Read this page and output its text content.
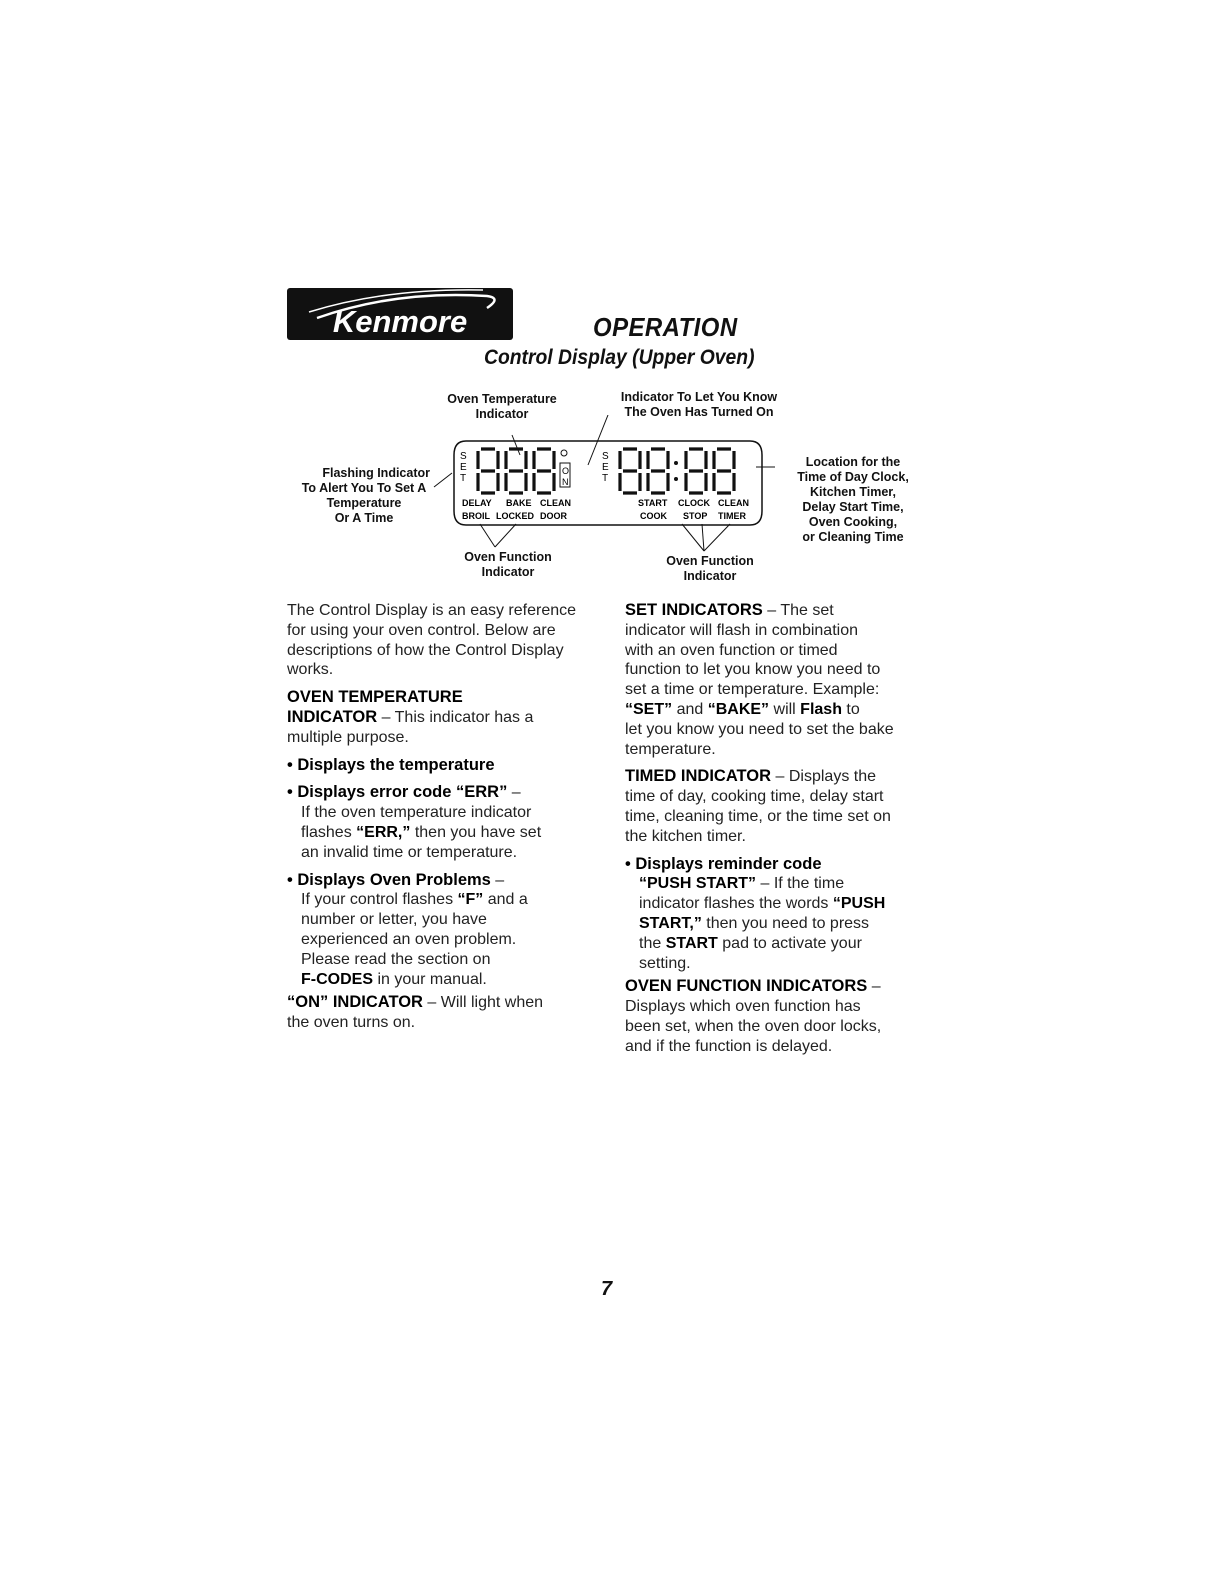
Kenmore	OPERATION
Control Display (Upper Oven)
Oven Temperature
Indicator
Indicator To Let You Know
The Oven Has Turned On
Flashing Indicator
To Alert You To Set A
Temperature
Or A Time
Location for the
Time of Day Clock,
Kitchen Timer,
Delay Start Time,
Oven Cooking,
or Cleaning Time
Oven Function
Indicator
Oven Function
Indicator
S
E
T
O
N
S
E
T
DELAY BAKE CLEAN
BROIL LOCKED DOOR
START CLOCK CLEAN
COOK STOP TIMER

The Control Display is an easy reference for using your oven control. Below are descriptions of how the Control Display works.

OVEN TEMPERATURE

INDICATOR – This indicator has a

multiple purpose.

• Displays the temperature

• Displays error code “ERR” –

If the oven temperature indicator

flashes “ERR,” then you have set

an invalid time or temperature.

• Displays Oven Problems –

If your control flashes “F” and a

number or letter, you have

experienced an oven problem.

Please read the section on

F-CODES in your manual.

“ON” INDICATOR – Will light when

the oven turns on.

SET INDICATORS – The set

indicator will flash in combination

with an oven function or timed

function to let you know you need to

set a time or temperature. Example:

“SET” and “BAKE” will Flash to

let you know you need to set the bake

temperature.

TIMED INDICATOR – Displays the

time of day, cooking time, delay start

time, cleaning time, or the time set on

the kitchen timer.

• Displays reminder code

“PUSH START” – If the time

indicator flashes the words “PUSH

START,” then you need to press

the START pad to activate your

setting.

OVEN FUNCTION INDICATORS –

Displays which oven function has

been set, when the oven door locks,

and if the function is delayed.

7
